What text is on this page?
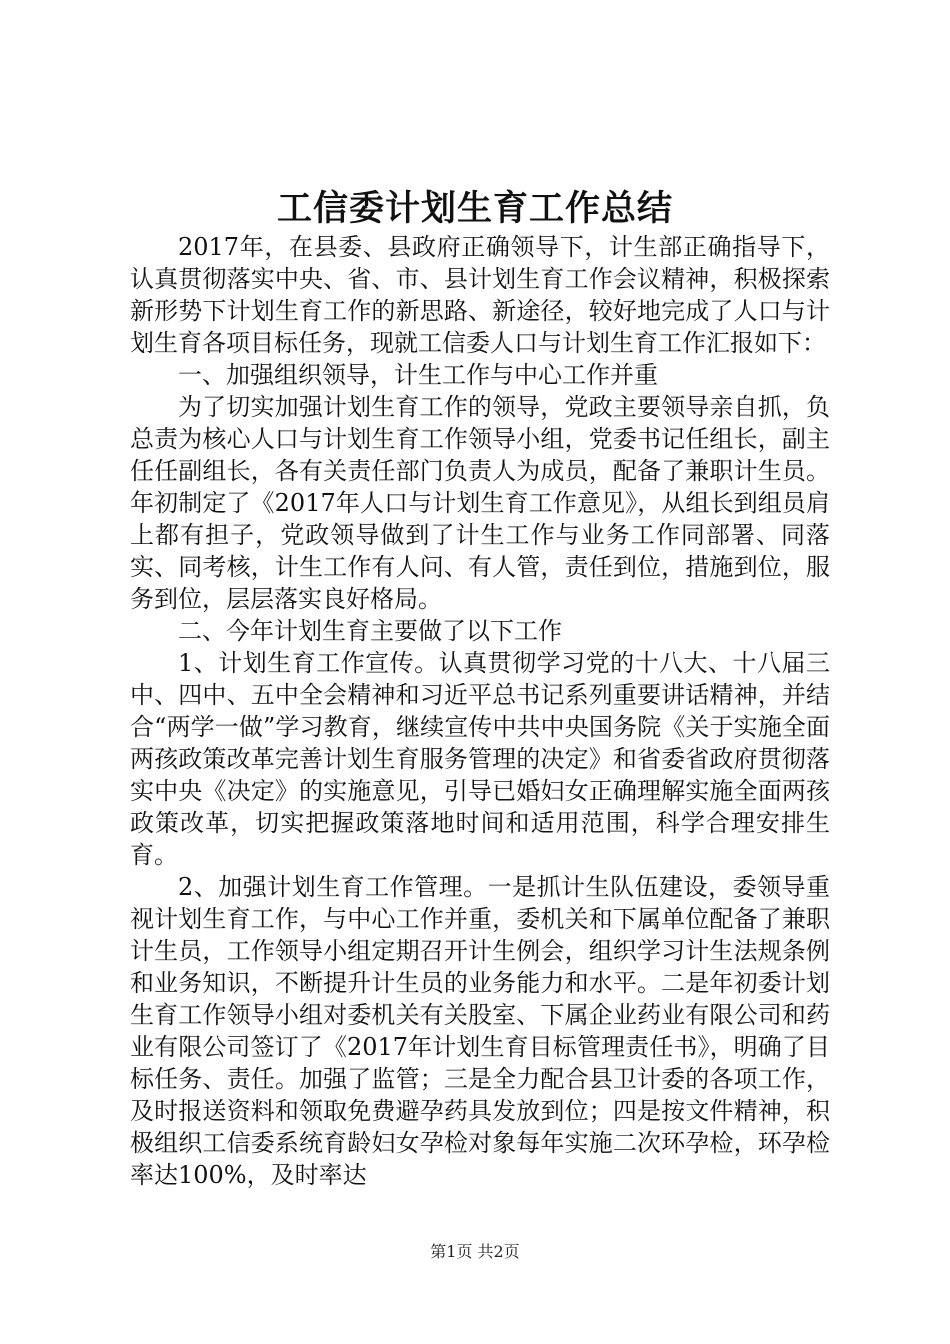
工信委计划生育工作总结

2017年，在县委、县政府正确领导下，计生部正确指导下，认真贯彻落实中央、省、市、县计划生育工作会议精神，积极探索新形势下计划生育工作的新思路、新途径，较好地完成了人口与计划生育各项目标任务，现就工信委人口与计划生育工作汇报如下：

一、加强组织领导，计生工作与中心工作并重

为了切实加强计划生育工作的领导，党政主要领导亲自抓，负总责为核心人口与计划生育工作领导小组，党委书记任组长，副主任任副组长，各有关责任部门负责人为成员，配备了兼职计生员。年初制定了《2017年人口与计划生育工作意见》，从组长到组员肩上都有担子，党政领导做到了计生工作与业务工作同部署、同落实、同考核，计生工作有人问、有人管，责任到位，措施到位，服务到位，层层落实良好格局。

二、今年计划生育主要做了以下工作

1、计划生育工作宣传。认真贯彻学习党的十八大、十八届三中、四中、五中全会精神和习近平总书记系列重要讲话精神，并结合“两学一做”学习教育，继续宣传中共中央国务院《关于实施全面两孩政策改革完善计划生育服务管理的决定》和省委省政府贯彻落实中央《决定》的实施意见，引导已婚妇女正确理解实施全面两孩政策改革，切实把握政策落地时间和适用范围，科学合理安排生育。

2、加强计划生育工作管理。一是抓计生队伍建设，委领导重视计划生育工作，与中心工作并重，委机关和下属单位配备了兼职计生员，工作领导小组定期召开计生例会，组织学习计生法规条例和业务知识，不断提升计生员的业务能力和水平。二是年初委计划生育工作领导小组对委机关有关股室、下属企业药业有限公司和药业有限公司签订了《2017年计划生育目标管理责任书》，明确了目标任务、责任。加强了监管；三是全力配合县卫计委的各项工作，及时报送资料和领取免费避孕药具发放到位；四是按文件精神，积极组织工信委系统育龄妇女孕检对象每年实施二次环孕检，环孕检率达100%，及时率达

第1页 共2页
